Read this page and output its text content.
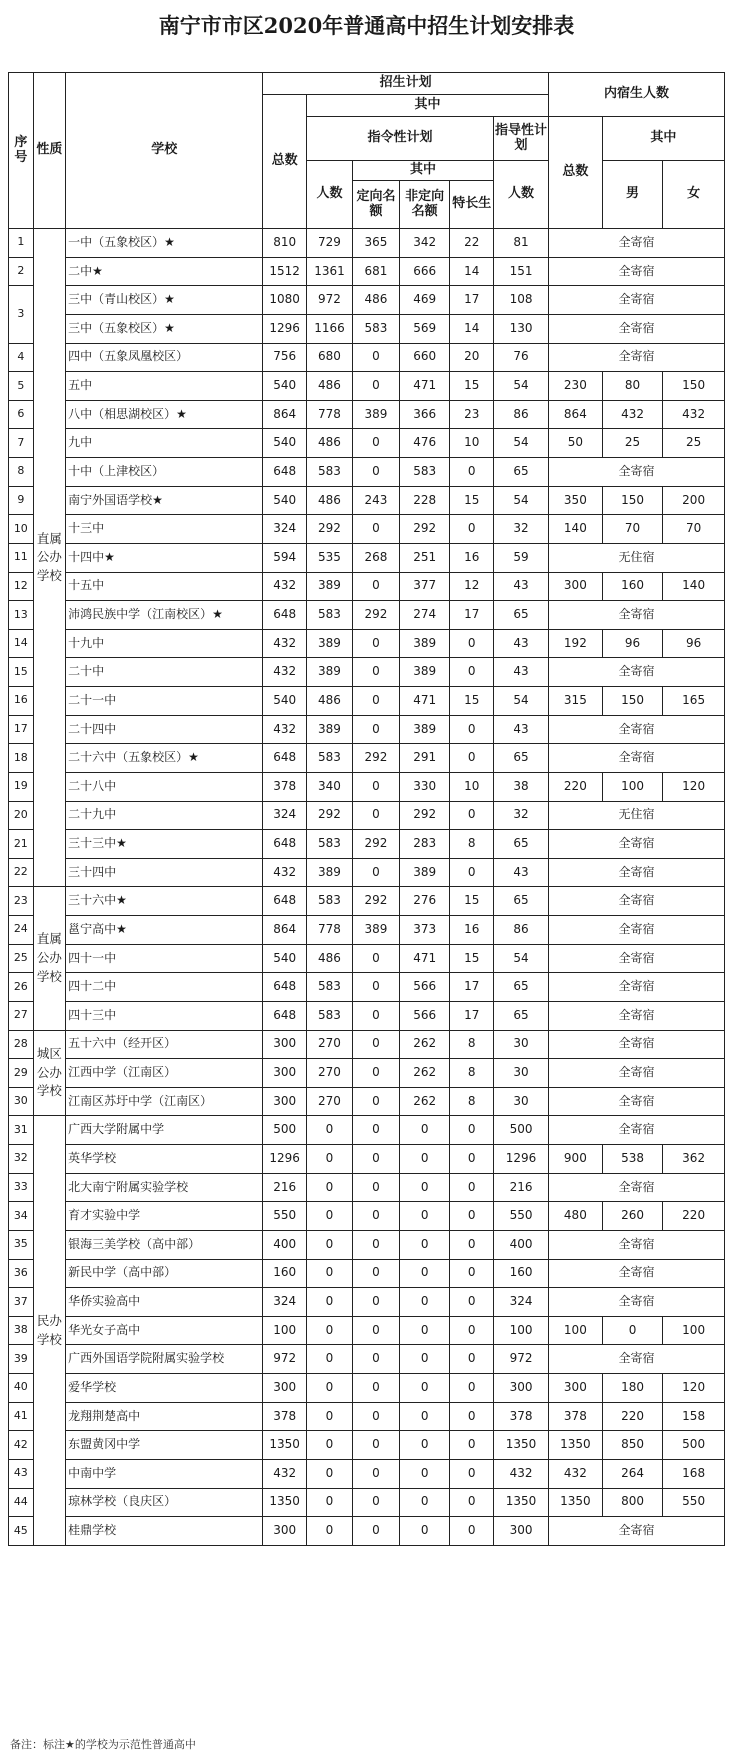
南宁市市区2020年普通高中招生计划安排表
序号	性质	学校	招生计划						内宿生人数		
			总数	其中							
				指令性计划				指导性计划	总数	其中	
				人数	其中			人数		男	女
					定向名额	非定向名额	特长生				
1	直属公办学校	一中（五象校区）★	810	729	365	342	22	81	全寄宿		
2		二中★	1512	1361	681	666	14	151	全寄宿		
3		三中（青山校区）★	1080	972	486	469	17	108	全寄宿		
		三中（五象校区）★	1296	1166	583	569	14	130	全寄宿		
4		四中（五象凤凰校区）	756	680	0	660	20	76	全寄宿		
5		五中	540	486	0	471	15	54	230	80	150
6		八中（相思湖校区）★	864	778	389	366	23	86	864	432	432
7		九中	540	486	0	476	10	54	50	25	25
8		十中（上津校区）	648	583	0	583	0	65	全寄宿		
9		南宁外国语学校★	540	486	243	228	15	54	350	150	200
10		十三中	324	292	0	292	0	32	140	70	70
11		十四中★	594	535	268	251	16	59	无住宿		
12		十五中	432	389	0	377	12	43	300	160	140
13		沛鸿民族中学（江南校区）★	648	583	292	274	17	65	全寄宿		
14		十九中	432	389	0	389	0	43	192	96	96
15		二十中	432	389	0	389	0	43	全寄宿		
16		二十一中	540	486	0	471	15	54	315	150	165
17		二十四中	432	389	0	389	0	43	全寄宿		
18		二十六中（五象校区）★	648	583	292	291	0	65	全寄宿		
19		二十八中	378	340	0	330	10	38	220	100	120
20		二十九中	324	292	0	292	0	32	无住宿		
21		三十三中★	648	583	292	283	8	65	全寄宿		
22		三十四中	432	389	0	389	0	43	全寄宿		
23	直属公办学校	三十六中★	648	583	292	276	15	65	全寄宿		
24		邕宁高中★	864	778	389	373	16	86	全寄宿		
25		四十一中	540	486	0	471	15	54	全寄宿		
26		四十二中	648	583	0	566	17	65	全寄宿		
27		四十三中	648	583	0	566	17	65	全寄宿		
28	城区公办学校	五十六中（经开区）	300	270	0	262	8	30	全寄宿		
29		江西中学（江南区）	300	270	0	262	8	30	全寄宿		
30		江南区苏圩中学（江南区）	300	270	0	262	8	30	全寄宿		
31	民办学校	广西大学附属中学	500	0	0	0	0	500	全寄宿		
32		英华学校	1296	0	0	0	0	1296	900	538	362
33		北大南宁附属实验学校	216	0	0	0	0	216	全寄宿		
34		育才实验中学	550	0	0	0	0	550	480	260	220
35		银海三美学校（高中部）	400	0	0	0	0	400	全寄宿		
36		新民中学（高中部）	160	0	0	0	0	160	全寄宿		
37		华侨实验高中	324	0	0	0	0	324	全寄宿		
38		华光女子高中	100	0	0	0	0	100	100	0	100
39		广西外国语学院附属实验学校	972	0	0	0	0	972	全寄宿		
40		爱华学校	300	0	0	0	0	300	300	180	120
41		龙翔荆楚高中	378	0	0	0	0	378	378	220	158
42		东盟黄冈中学	1350	0	0	0	0	1350	1350	850	500
43		中南中学	432	0	0	0	0	432	432	264	168
44		琼林学校（良庆区）	1350	0	0	0	0	1350	1350	800	550
45		桂鼎学校	300	0	0	0	0	300	全寄宿		
备注：标注★的学校为示范性普通高中
